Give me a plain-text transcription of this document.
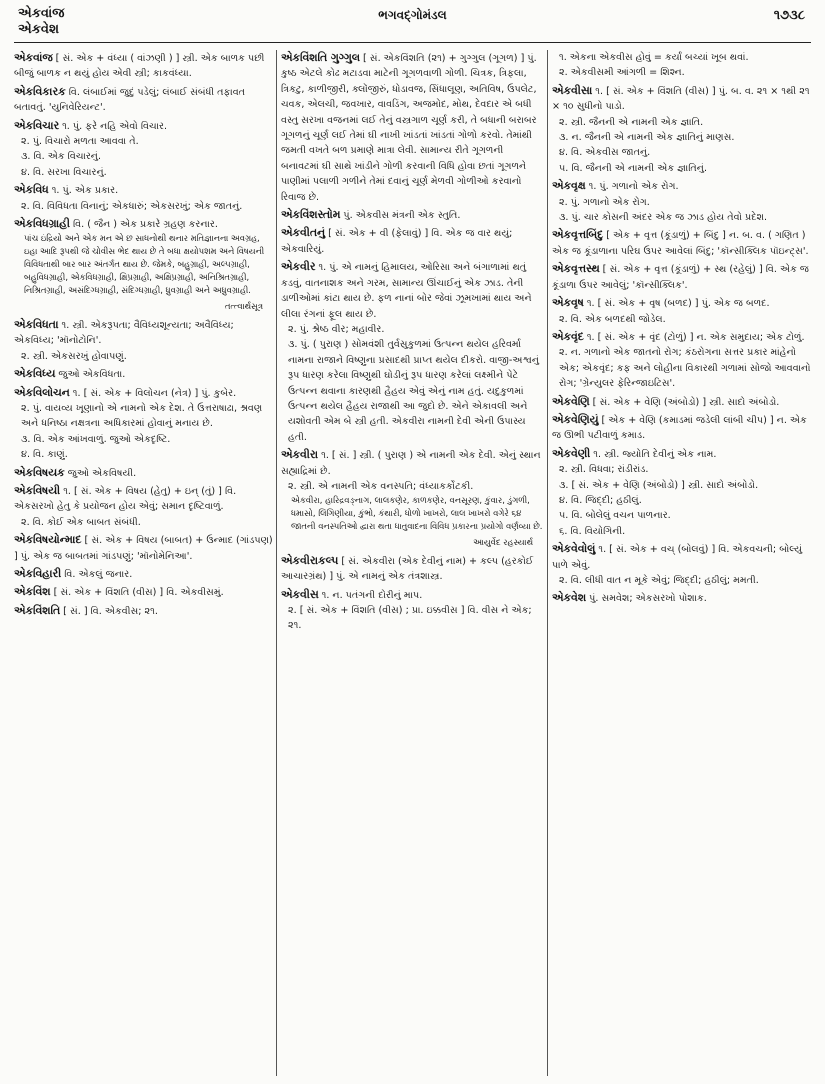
એકવાંજ
એકવેશ
ભગવદ્ગોમંડલ	૧૭૩૮
એકવાંજ [ સં. એક + વંધ્યા ( વાંઝણી ) ] સ્ત્રી. એક બાળક પછી બીજું બાળક ન થયું હોય એવી સ્ત્રી; કાકવંધ્યા.
એકવિકારક વિ. લંબાઈમાં જુદું પડેલું; લંબાઈ સંબંધી તફાવત બતાવતું. 'યુનિવેરિયન્ટ'.
એકવિચાર ૧. પું. ફરે નહિ એવો વિચાર.
૨. પું. વિચારો મળતા આવવા તે.
૩. વિ. એક વિચારનું.
૪. વિ. સરખા વિચારનું.
એકવિધ ૧. પું. એક પ્રકાર.
૨. વિ. વિવિધતા વિનાનું; એકધારું; એકસરખું; એક જાતનું.
એકવિધગ્રાહી વિ. ( જૈન ) એક પ્રકારે ગ્રહણ કરનાર.
પાંચ ઇંદ્રિયો અને એક મન એ છ સાધનોથી થનાર મતિજ્ઞાનના અવગ્રહ, ઇહા આદિ રૂપથી જે ચોવીસ ભેદ થાય છે તે બધા ક્ષયોપશમ અને વિષયની વિવિધતાથી બાર બાર અંતર્ગત થાય છે. જેમકે, બહુગ્રાહી, અલ્પગ્રાહી, બહુવિધગ્રાહી, એકવિધગ્રાહી, ક્ષિપ્રગ્રાહી, અક્ષિપ્રગ્રાહી, અનિશ્રિતગ્રાહી, નિશ્રિતગ્રાહી, અસંદિગ્ધગ્રાહી, સંદિગ્ધગ્રાહી, ધ્રુવગ્રાહી અને અધ્રુવગ્રાહી.
તત્ત્વાર્થસૂત્ર
એકવિધતા ૧. સ્ત્રી. એકરૂપતા; વૈવિધ્યશૂન્યતા; અવૈવિધ્ય; એકવિધ્ય; 'મૉનોટોનિ'.
૨. સ્ત્રી. એકસરખું હોવાપણું.
એકવિધ્ય જુઓ એકવિધતા.
એકવિલોચન ૧. [ સં. એક + વિલોચન (નેત્ર) ] પું. કુબેર.
૨. પું. વાયવ્ય ખૂણાનો એ નામનો એક દેશ. તે ઉત્તરાષાઢા, શ્રવણ અને ધનિષ્ઠા નક્ષત્રના અધિકારમાં હોવાનું મનાય છે.
૩. વિ. એક આંખવાળું. જુઓ એકદૃષ્ટિ.
૪. વિ. કાણું.
એકવિષયક જુઓ એકવિષયી.
એકવિષયી ૧. [ સં. એક + વિષય (હેતુ) + ઇન્ (તું) ] વિ. એકસરખો હેતુ કે પ્રયોજન હોય એવું; સમાન દૃષ્ટિવાળું.
૨. વિ. કોઈ એક બાબત સંબંધી.
એકવિષયોન્માદ [ સં. એક + વિષય (બાબત) + ઉન્માદ (ગાંડપણ) ] પું. એક જ બાબતમાં ગાંડપણું; 'મૉનોમેનિઆ'.
એકવિહારી વિ. એકલું જનાર.
એકવિંશ [ સં. એક + વિંશતિ (વીસ) ] વિ. એકવીસમું.
એકવિંશતિ [ સં. ] વિ. એકવીસ; ૨૧.
એકવિંશતિ ગુગ્ગુલ [ સં. એકવિંશતિ (૨૧) + ગુગ્ગુલ (ગૂગળ) ] પું. કુષ્ઠ એટલે કોઢ મટાડવા માટેની ગૂગળવાળી ગોળી. ચિત્રક, ત્રિફલા, ત્રિકટુ, કાળીજીરી, ક્લોંજીરું, ધોડાવજ, સિંધાલૂણ, અતિવિષ, ઉપલેટ, ચવક, એલચી, જવખાર, વાવડિંગ, અજમોદ, મોથ, દેવદાર એ બધી વસ્તુ સરખા વજનમાં લઈ તેનું વસ્ત્રગાળ ચૂર્ણ કરી, તે બધાની બરાબર ગૂગળનું ચૂર્ણ લઈ તેમાં ઘી નાખી ખાંડતાં ખાંડતાં ગોળો કરવો. તેમાંથી જમતી વખતે બળ પ્રમાણે માત્રા લેવી. સામાન્ય રીતે ગૂગળની બનાવટમાં ઘી સાથે ખાંડીને ગોળી કરવાની વિધિ હોવા છતાં ગૂગળને પાણીમાં પલાળી ગળીને તેમાં દવાનું ચૂર્ણ મેળવી ગોળીઓ કરવાનો રિવાજ છે.
એકવિંશસ્તોમ પું. એકવીસ મંત્રની એક સ્તુતિ.
એકવીતનું [ સં. એક + વી (ફેલાવું) ] વિ. એક જ વાર થયું; એકવારિયું.
એકવીર ૧. પું. એ નામનું હિમાલય, ઓરિસા અને બંગાળામાં થતું કડવું, વાતનાશક અને ગરમ, સામાન્ય ઊંચાઈનું એક ઝાડ. તેની ડાળીઓમાં કાંટા થાય છે. ફળ નાનાં બોર જેવાં ઝૂમખામાં થાય અને લીલા રંગનાં ફૂલ થાય છે.
૨. પું. શ્રેષ્ઠ વીર; મહાવીર.
૩. પું. ( પુરાણ ) સોમવંશી તુર્વસુકુળમાં ઉત્પન્ન થયેલ હરિવર્મા નામના રાજાને વિષ્ણુના પ્રસાદથી પ્રાપ્ત થયેલ દીકરો. વાજી-અશ્વનું રૂપ ધારણ કરેલા વિષ્ણુથી ઘોડીનું રૂપ ધારણ કરેલાં લક્ષ્મીને પેટે ઉત્પન્ન થવાના કારણથી હૈહય એવું એનું નામ હતું. યદુકુળમાં ઉત્પન્ન થયેલ હૈહય રાજાથી આ જુદો છે. એને એકાવલી અને યશોવતી એમ બે સ્ત્રી હતી. એકવીરા નામની દેવી એની ઉપાસ્ય હતી.
એકવીરા ૧. [ સં. ] સ્ત્રી. ( પુરાણ ) એ નામની એક દેવી. એનું સ્થાન સહ્યાદ્રિમાં છે.
૨. સ્ત્રી. એ નામની એક વનસ્પતિ; વંધ્યાકર્કોટકી.
એકવીરા, હારિદ્રવઙ્નાગ, લાલકણેર, કાળકણેર, વનસૂરણ, કુંવાર, ડુંગળી, ધમાસો, લિંગિણીયા, કુંભો, કંથારી, ધોળો ખાખરો, લાલ ખાખરો વગેરે ૬૪ જાતની વનસ્પતિઓ દ્વારા થતા ધાતુવાદના વિવિધ પ્રકારના પ્રયોગો વર્ણવ્યા છે.
આયુર્વેદ રહસ્યાર્થ
એકવીરાકલ્પ [ સં. એકવીરા (એક દેવીનું નામ) + કલ્પ (હરકોઈ આચારગ્રંથ) ] પું. એ નામનું એક તંત્રશાસ્ત્ર.
એકવીસ ૧. ન. પતંગની દોરીનું માપ.
૨. [ સં. એક + વિંશતિ (વીસ) ; પ્રા. ઇક્કવીસ ] વિ. વીસ ને એક; ૨૧.
૧. એકના એકવીસ હોવું = કર્યાં બચ્યાં ખૂબ થવાં.
૨. એકવીસમી આંગળી = શિશ્ન.
એકવીસા ૧. [ સં. એક + વિંશતિ (વીસ) ] પું. બ. વ. ૨૧ × ૧થી ૨૧ × ૧૦ સુધીનો પાડો.
૨. સ્ત્રી. જૈનની એ નામની એક જ્ઞાતિ.
૩. ન. જૈનની એ નામની એક જ્ઞાતિનું માણસ.
૪. વિ. એકવીસ જાતનું.
૫. વિ. જૈનની એ નામની એક જ્ઞાતિનું.
એકવૃક્ષ ૧. પું. ગળાનો એક રોગ.
૨. પું. ગળાનો એક રોગ.
૩. પું. ચાર કોસની અંદર એક જ ઝાડ હોય તેવો પ્રદેશ.
એકવૃત્તબિંદુ [ એક + વૃત્ત (કૂંડાળું) + બિંદુ ] ન. બ. વ. ( ગણિત ) એક જ કૂંડાળાના પરિઘ ઉપર આવેલાં બિંદુ; 'કૉન્સીક્લિક પૉઇન્ટ્સ'.
એકવૃત્તસ્થ [ સં. એક + વૃત્ત (કૂંડાળું) + સ્થ (રહેલું) ] વિ. એક જ કૂંડાળા ઉપર આવેલું; 'કૉન્સીક્લિક'.
એકવૃષ ૧. [ સં. એક + વૃષ (બળદ) ] પું. એક જ બળદ.
૨. વિ. એક બળદથી જોડેલ.
એકવૃંદ ૧. [ સં. એક + વૃંદ (ટોળું) ] ન. એક સમુદાય; એક ટોળું.
૨. ન. ગળાનો એક જાતનો રોગ; કંઠરોગના સત્તર પ્રકાર માંહેનો એક; એકવૃંદ; કફ અને લોહીના વિકારથી ગળામાં સોજો આવવાનો રોગ; 'ગ્રેન્યુલર ફેરિન્જાઇટિસ'.
એકવેણિ [ સં. એક + વેણિ (અંબોડો) ] સ્ત્રી. સાદો અંબોડો.
એકવેણિયું [ એક + વેણિ (કમાડમાં જડેલી લાંબી ચીપ) ] ન. એક જ ઊભી પટીવાળું કમાડ.
એકવેણી ૧. સ્ત્રી. જ્યોતિ દેવીનું એક નામ.
૨. સ્ત્રી. વિધવા; રાંડીરાંડ.
૩. [ સં. એક + વેણિ (અંબોડો) ] સ્ત્રી. સાદો અંબોડો.
૪. વિ. જિદ્દી; હઠીલું.
૫. વિ. બોલેલું વચન પાળનાર.
૬. વિ. વિયોગિની.
એકવેવોલું ૧. [ સં. એક + વચ્ (બોલવું) ] વિ. એકવચની; બોલ્યું પાળે એવું.
૨. વિ. લીધી વાત ન મૂકે એવું; જિદ્દી; હઠીલું; મમતી.
એકવેશ પું. સમવેશ; એકસરખો પોશાક.
